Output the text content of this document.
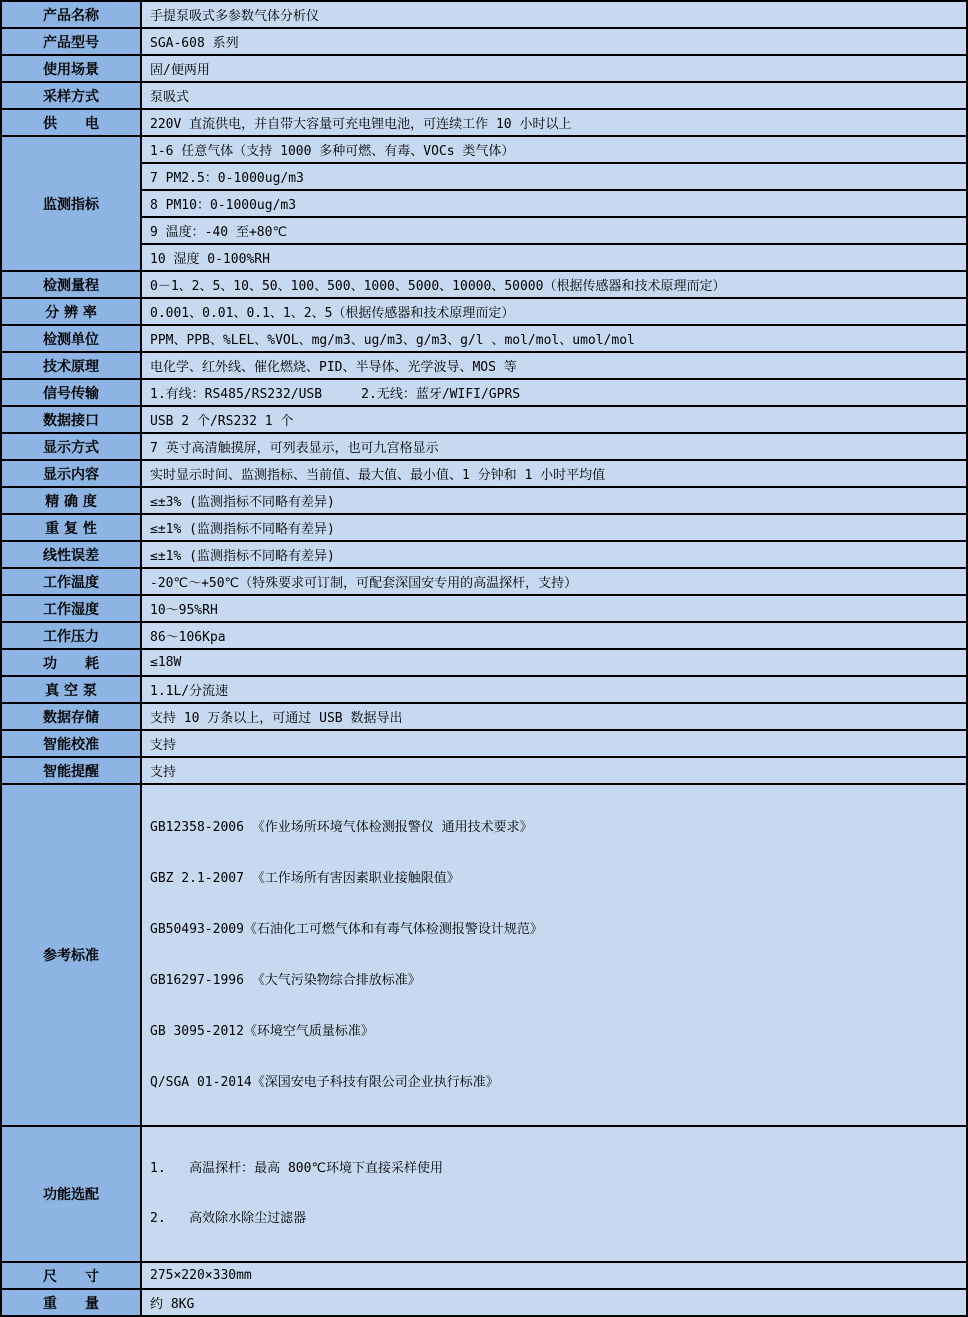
产品名称	手提泵吸式多参数气体分析仪
产品型号	SGA-608 系列
使用场景	固/便两用
采样方式	泵吸式
供　　电	220V 直流供电，并自带大容量可充电锂电池，可连续工作 10 小时以上
监测指标	1-6 任意气体（支持 1000 多种可燃、有毒、VOCs 类气体）
	7 PM2.5：0-1000ug/m3
	8 PM10：0-1000ug/m3
	9 温度：-40 至+80℃
	10 湿度 0-100%RH
检测量程	0－1、2、5、10、50、100、500、1000、5000、10000、50000（根据传感器和技术原理而定）
分 辨 率	0.001、0.01、0.1、1、2、5（根据传感器和技术原理而定）
检测单位	PPM、PPB、%LEL、%VOL、mg/m3、ug/m3、g/m3、g/l 、mol/mol、umol/mol
技术原理	电化学、红外线、催化燃烧、PID、半导体、光学波导、MOS 等
信号传输	1.有线：RS485/RS232/USB     2.无线：蓝牙/WIFI/GPRS
数据接口	USB 2 个/RS232 1 个
显示方式	7 英寸高清触摸屏，可列表显示，也可九宫格显示
显示内容	实时显示时间、监测指标、当前值、最大值、最小值、1 分钟和 1 小时平均值
精 确 度	≤±3% (监测指标不同略有差异)
重 复 性	≤±1% (监测指标不同略有差异)
线性误差	≤±1% (监测指标不同略有差异)
工作温度	-20℃～+50℃（特殊要求可订制，可配套深国安专用的高温探杆，支持）
工作湿度	10～95%RH
工作压力	86～106Kpa
功　　耗	≤18W
真 空 泵	1.1L/分流速
数据存储	支持 10 万条以上，可通过 USB 数据导出
智能校准	支持
智能提醒	支持
参考标准	

GB12358-2006 《作业场所环境气体检测报警仪 通用技术要求》

GBZ 2.1-2007 《工作场所有害因素职业接触限值》

GB50493-2009《石油化工可燃气体和有毒气体检测报警设计规范》

GB16297-1996 《大气污染物综合排放标准》

GB 3095-2012《环境空气质量标准》

Q/SGA 01-2014《深国安电子科技有限公司企业执行标准》

功能选配	1.   高温探杆：最高 800℃环境下直接采样使用

2.   高效除水除尘过滤器

尺　　寸	275×220×330mm
重　　量	约 8KG
